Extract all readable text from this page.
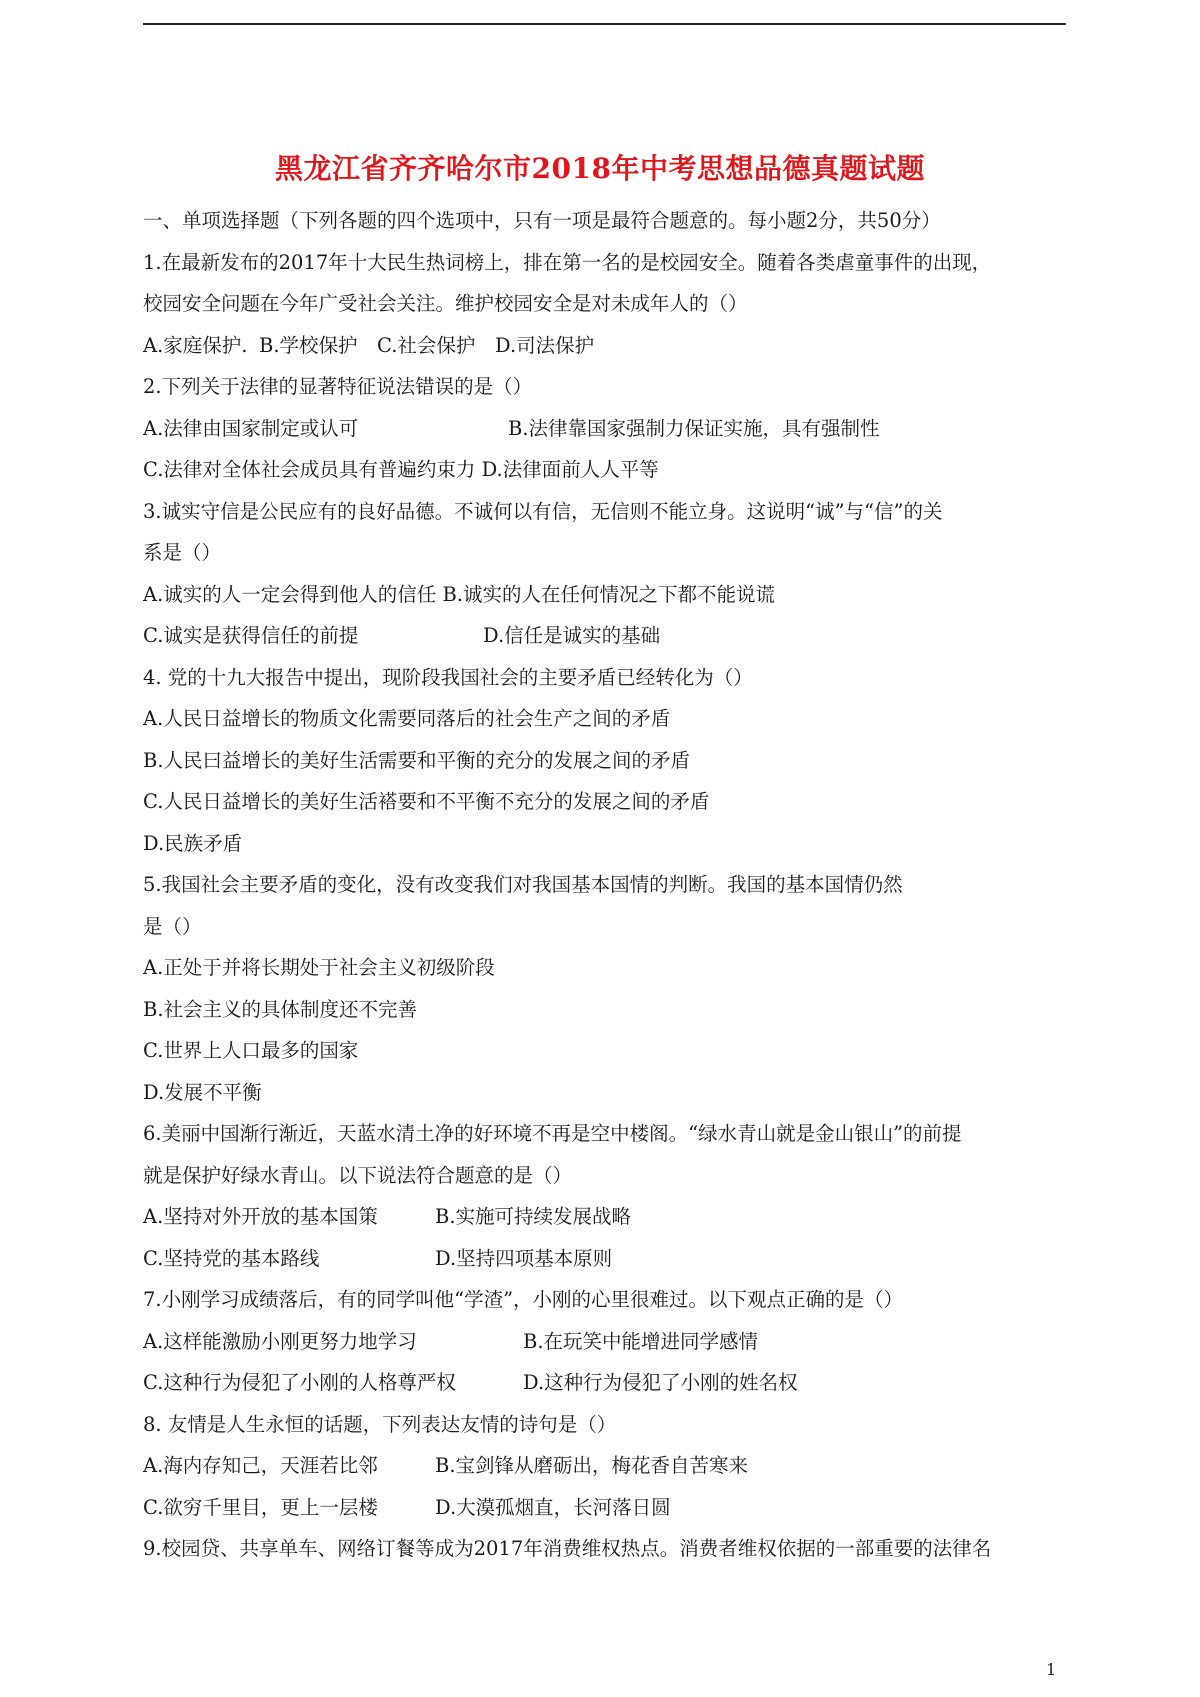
黑龙江省齐齐哈尔市2018年中考思想品德真题试题
一、单项选择题（下列各题的四个选项中，只有一项是最符合题意的。每小题2分，共50分）
1.在最新发布的2017年十大民生热词榜上，排在第一名的是校园安全。随着各类虐童事件的出现，
校园安全问题在今年广受社会关注。维护校园安全是对未成年人的（）
A.家庭保护. B.学校保护 C.社会保护	D.司法保护
2.下列关于法律的显著特征说法错误的是（）
A.法律由国家制定或认可	B.法律靠国家强制力保证实施，具有强制性
C.法律对全体社会成员具有普遍约束力 D.法律面前人人平等
3.诚实守信是公民应有的良好品德。不诚何以有信，无信则不能立身。这说明“诚”与“信”的关
系是（）
A.诚实的人一定会得到他人的信任 B.诚实的人在任何情况之下都不能说谎
C.诚实是获得信任的前提	D.信任是诚实的基础
4. 党的十九大报告中提出，现阶段我国社会的主要矛盾已经转化为（）
A.人民日益增长的物质文化需要同落后的社会生产之间的矛盾
B.人民曰益增长的美好生活需要和平衡的充分的发展之间的矛盾
C.人民日益增长的美好生活褡要和不平衡不充分的发展之间的矛盾
D.民族矛盾
5.我国社会主要矛盾的变化，没有改变我们对我国基本国情的判断。我国的基本国情仍然
是（）
A.正处于并将长期处于社会主义初级阶段
B.社会主义的具体制度还不完善
C.世界上人口最多的国家
D.发展不平衡
6.美丽中国渐行渐近，天蓝水清土净的好环境不再是空中楼阁。“绿水青山就是金山银山”的前提
就是保护好绿水青山。以下说法符合题意的是（）
A.坚持对外开放的基本国策	B.实施可持续发展战略
C.坚持党的基本路线	D.坚持四项基本原则
7.小刚学习成绩落后，有的同学叫他“学渣”，小刚的心里很难过。以下观点正确的是（）
A.这样能激励小刚更努力地学习	B.在玩笑中能增进同学感情
C.这种行为侵犯了小刚的人格尊严权	D.这种行为侵犯了小刚的姓名权
8. 友情是人生永恒的话题，下列表达友情的诗句是（）
A.海内存知己，天涯若比邻	B.宝剑锋从磨砺出，梅花香自苦寒来
C.欲穷千里目，更上一层楼	D.大漠孤烟直，长河落日圆
9.校园贷、共享单车、网络订餐等成为2017年消费维权热点。消费者维权依据的一部重要的法律名
1
